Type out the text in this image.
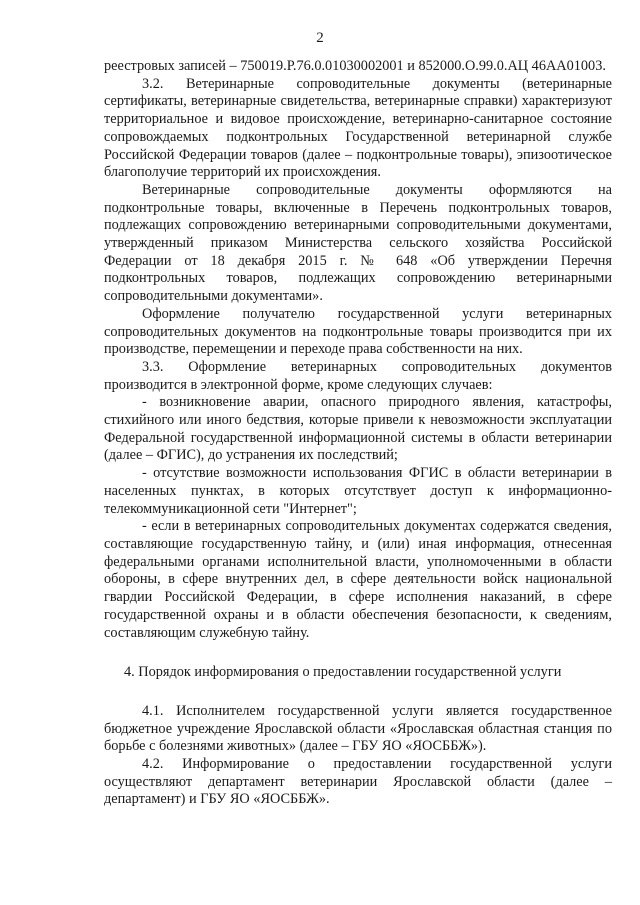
2

реестровых записей – 750019.Р.76.0.01030002001 и 852000.О.99.0.АЦ 46АА01003.

3.2. Ветеринарные сопроводительные документы (ветеринарные сертификаты, ветеринарные свидетельства, ветеринарные справки) характеризуют территориальное и видовое происхождение, ветеринарно-санитарное состояние сопровождаемых подконтрольных Государственной ветеринарной службе Российской Федерации товаров (далее – подконтрольные товары), эпизоотическое благополучие территорий их происхождения.

Ветеринарные сопроводительные документы оформляются на подконтрольные товары, включенные в Перечень подконтрольных товаров, подлежащих сопровождению ветеринарными сопроводительными документами, утвержденный приказом Министерства сельского хозяйства Российской Федерации от 18 декабря 2015 г. № 648 «Об утверждении Перечня подконтрольных товаров, подлежащих сопровождению ветеринарными сопроводительными документами».

Оформление получателю государственной услуги ветеринарных сопроводительных документов на подконтрольные товары производится при их производстве, перемещении и переходе права собственности на них.

3.3. Оформление ветеринарных сопроводительных документов производится в электронной форме, кроме следующих случаев:

- возникновение аварии, опасного природного явления, катастрофы, стихийного или иного бедствия, которые привели к невозможности эксплуатации Федеральной государственной информационной системы в области ветеринарии (далее – ФГИС), до устранения их последствий;

- отсутствие возможности использования ФГИС в области ветеринарии в населенных пунктах, в которых отсутствует доступ к информационно-телекоммуникационной сети "Интернет";

- если в ветеринарных сопроводительных документах содержатся сведения, составляющие государственную тайну, и (или) иная информация, отнесенная федеральными органами исполнительной власти, уполномоченными в области обороны, в сфере внутренних дел, в сфере деятельности войск национальной гвардии Российской Федерации, в сфере исполнения наказаний, в сфере государственной охраны и в области обеспечения безопасности, к сведениям, составляющим служебную тайну.

4. Порядок информирования о предоставлении государственной услуги

4.1. Исполнителем государственной услуги является государственное бюджетное учреждение Ярославской области «Ярославская областная станция по борьбе с болезнями животных» (далее – ГБУ ЯО «ЯОСББЖ»).

4.2. Информирование о предоставлении государственной услуги осуществляют департамент ветеринарии Ярославской области (далее – департамент) и ГБУ ЯО «ЯОСББЖ».
